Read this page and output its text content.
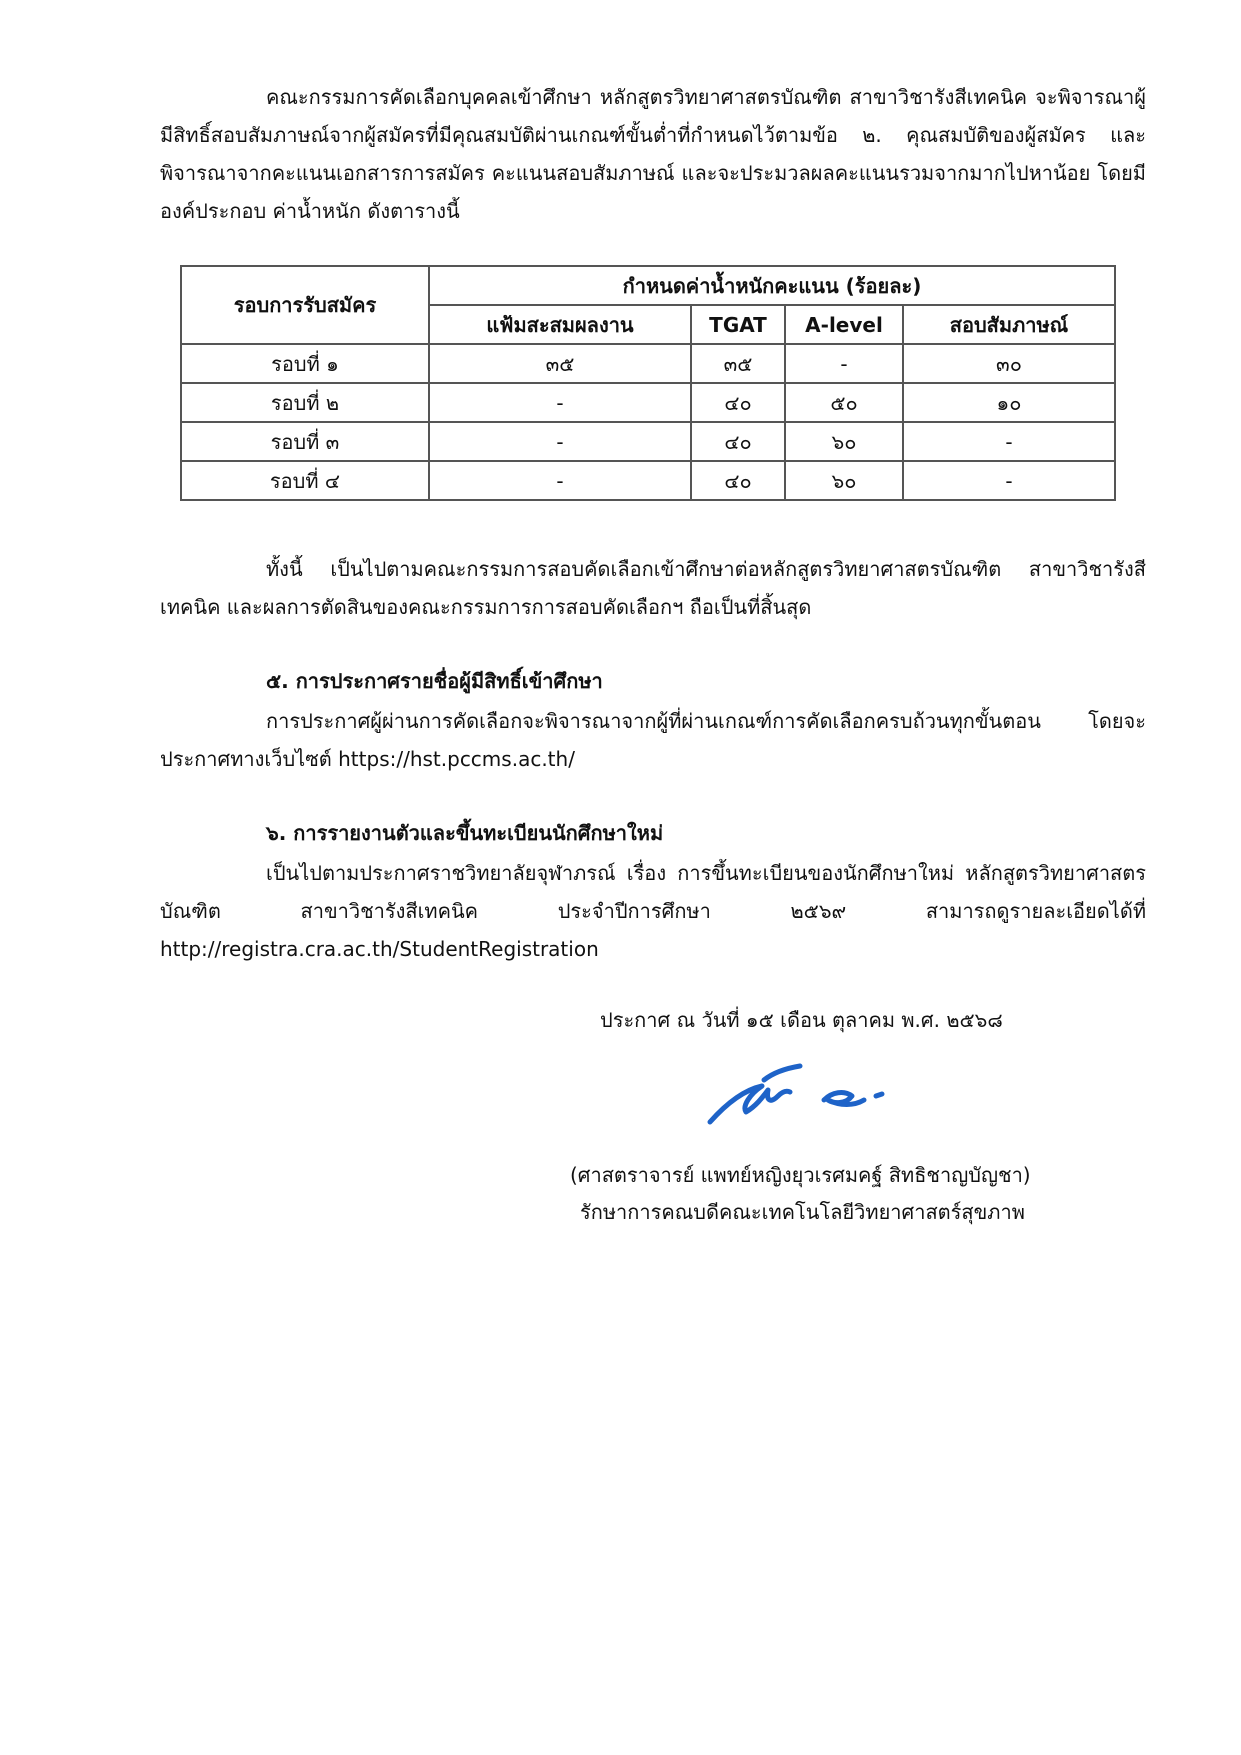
คณะกรรมการคัดเลือกบุคคลเข้าศึกษา หลักสูตรวิทยาศาสตรบัณฑิต สาขาวิชารังสีเทคนิค จะพิจารณาผู้มีสิทธิ์สอบสัมภาษณ์จากผู้สมัครที่มีคุณสมบัติผ่านเกณฑ์ขั้นต่ำที่กำหนดไว้ตามข้อ ๒. คุณสมบัติของผู้สมัคร และพิจารณาจากคะแนนเอกสารการสมัคร คะแนนสอบสัมภาษณ์ และจะประมวลผลคะแนนรวมจากมากไปหาน้อย โดยมีองค์ประกอบ ค่าน้ำหนัก ดังตารางนี้

รอบการรับสมัคร	กำหนดค่าน้ำหนักคะแนน (ร้อยละ)			
	แฟ้มสะสมผลงาน	TGAT	A-level	สอบสัมภาษณ์
รอบที่ ๑	๓๕	๓๕	-	๓๐
รอบที่ ๒	-	๔๐	๕๐	๑๐
รอบที่ ๓	-	๔๐	๖๐	-
รอบที่ ๔	-	๔๐	๖๐	-

ทั้งนี้ เป็นไปตามคณะกรรมการสอบคัดเลือกเข้าศึกษาต่อหลักสูตรวิทยาศาสตรบัณฑิต สาขาวิชารังสีเทคนิค และผลการตัดสินของคณะกรรมการการสอบคัดเลือกฯ ถือเป็นที่สิ้นสุด

๕. การประกาศรายชื่อผู้มีสิทธิ์เข้าศึกษา

การประกาศผู้ผ่านการคัดเลือกจะพิจารณาจากผู้ที่ผ่านเกณฑ์การคัดเลือกครบถ้วนทุกขั้นตอน โดยจะประกาศทางเว็บไซต์ https://hst.pccms.ac.th/

๖. การรายงานตัวและขึ้นทะเบียนนักศึกษาใหม่

เป็นไปตามประกาศราชวิทยาลัยจุฬาภรณ์ เรื่อง การขึ้นทะเบียนของนักศึกษาใหม่ หลักสูตรวิทยาศาสตรบัณฑิต สาขาวิชารังสีเทคนิค ประจำปีการศึกษา ๒๕๖๙ สามารถดูรายละเอียดได้ที่ http://registra.cra.ac.th/StudentRegistration

ประกาศ ณ วันที่ ๑๕ เดือน ตุลาคม พ.ศ. ๒๕๖๘
(ศาสตราจารย์ แพทย์หญิงยุวเรศมคฐ์ สิทธิชาญบัญชา)
รักษาการคณบดีคณะเทคโนโลยีวิทยาศาสตร์สุขภาพ
